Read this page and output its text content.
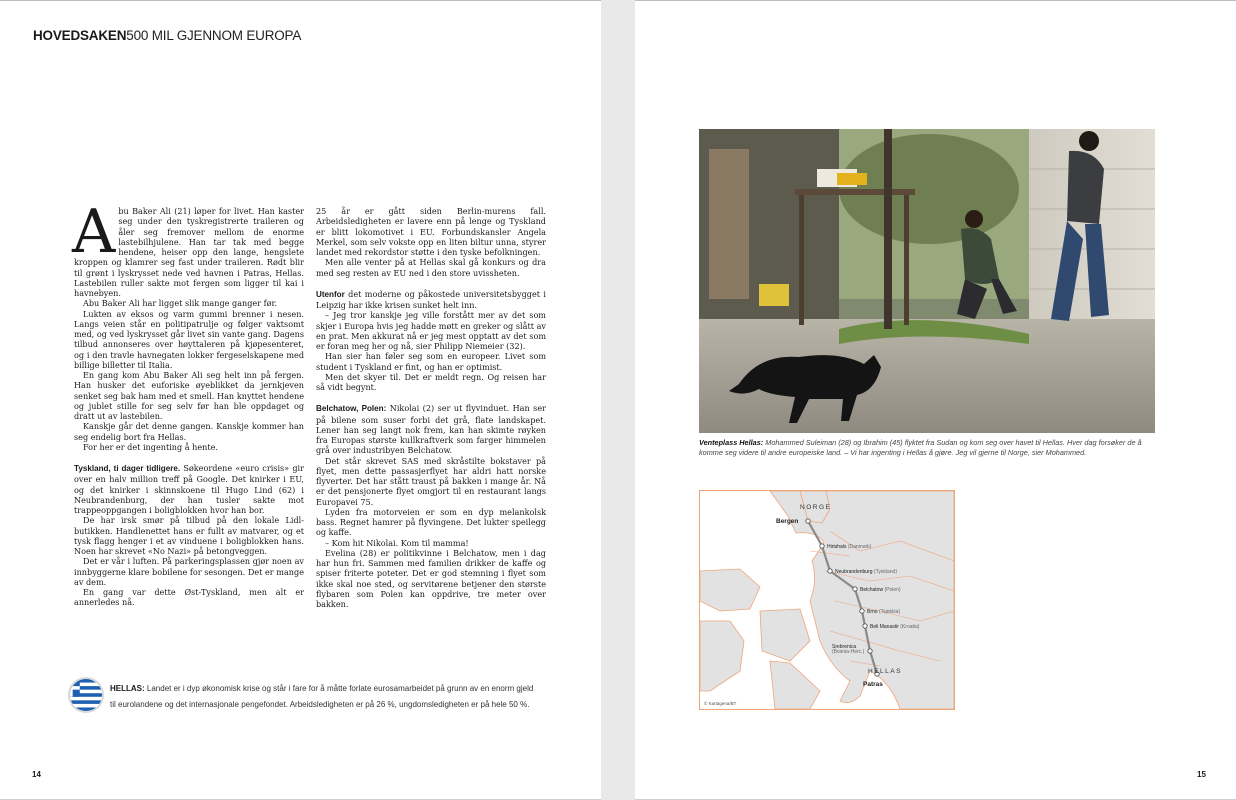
HOVEDSAKEN500 MIL GJENNOM EUROPA
A bu Baker Ali (21) løper for livet. Han kaster seg under den tyskregistrerte traileren og åler seg fremover mellom de enorme lastebilhjulene. Han tar tak med begge hendene, heiser opp den lange, hengslete kroppen og klamrer seg fast under traileren. Rødt blir til grønt i lyskrysset nede ved havnen i Patras, Hellas. Lastebilen ruller sakte mot fergen som ligger til kai i havnebyen.

Abu Baker Ali har ligget slik mange ganger før.

Lukten av eksos og varm gummi brenner i nesen. Langs veien står en politipatrulje og følger vaktsomt med, og ved lyskrysset går livet sin vante gang. Dagens tilbud annonseres over høyttaleren på kjøpesenteret, og i den travle havnegaten lokker fergeselskapene med billige billetter til Italia.

En gang kom Abu Baker Ali seg helt inn på fergen. Han husker det euforiske øyeblikket da jernkjeven senket seg bak ham med et smell. Han knyttet hendene og jublet stille for seg selv før han ble oppdaget og dratt ut av lastebilen.

Kanskje går det denne gangen. Kanskje kommer han seg endelig bort fra Hellas.

For her er det ingenting å hente.

Tyskland, ti dager tidligere. Søkeordene «euro crisis» gir over en halv million treff på Google. Det knirker i EU, og det knirker i skinnskoene til Hugo Lind (62) i Neubrandenburg, der han tusler sakte mot trappeoppgangen i boligblokken hvor han bor.

De har irsk smør på tilbud på den lokale Lidl-butikken. Handlenettet hans er fullt av matvarer, og et tysk flagg henger i et av vinduene i boligblokken hans. Noen har skrevet «No Nazi» på betongveggen.

Det er vår i luften. På parkeringsplassen gjør noen av innbyggerne klare bobilene for sesongen. Det er mange av dem.

En gang var dette Øst-Tyskland, men alt er annerledes nå.

25 år er gått siden Berlin-murens fall. Arbeidsledigheten er lavere enn på lenge og Tyskland er blitt lokomotivet i EU. Forbundskansler Angela Merkel, som selv vokste opp en liten biltur unna, styrer landet med rekordstor støtte i den tyske befolkningen.

Men alle venter på at Hellas skal gå konkurs og dra med seg resten av EU ned i den store uvissheten.

Utenfor det moderne og påkostede universitetsbygget i Leipzig har ikke krisen sunket helt inn.

– Jeg tror kanskje jeg ville forstått mer av det som skjer i Europa hvis jeg hadde møtt en greker og slått av en prat. Men akkurat nå er jeg mest opptatt av det som er foran meg her og nå, sier Philipp Niemeier (32).

Han sier han føler seg som en europeer. Livet som student i Tyskland er fint, og han er optimist.

Men det skyer til. Det er meldt regn. Og reisen har så vidt begynt.

Belchatow, Polen: Nikolai (2) ser ut flyvinduet. Han ser på bilene som suser forbi det grå, flate landskapet. Lener han seg langt nok frem, kan han skimte røyken fra Europas største kullkraftverk som farger himmelen grå over industribyen Belchatow.

Det står skrevet SAS med skråstilte bokstaver på flyet, men dette passasjerflyet har aldri hatt norske flyverter. Det har stått traust på bakken i mange år. Nå er det pensjonerte flyet omgjort til en restaurant langs Europavei 75.

Lyden fra motorveien er som en dyp melankolsk bass. Regnet hamrer på flyvingene. Det lukter speilegg og kaffe.

– Kom hit Nikolai. Kom til mamma!

Evelina (28) er politikvinne i Belchatow, men i dag har hun fri. Sammen med familien drikker de kaffe og spiser friterte poteter. Det er god stemning i flyet som ikke skal noe sted, og servitørene betjener den største flybaren som Polen kan oppdrive, tre meter over bakken.

HELLAS: Landet er i dyp økonomisk krise og står i fare for å måtte forlate eurosamarbeidet på grunn av en enorm gjeld
til eurolandene og det internasjonale pengefondet. Arbeidsledigheten er på 26 %, ungdomsledigheten er på hele 50 %.
14
Venteplass Hellas: Mohammed Suleiman (28) og Ibrahim (45) flyktet fra Sudan og kom seg over havet til Hellas. Hver dag forsøker de å komme seg videre til andre europeiske land. – Vi har ingenting i Hellas å gjøre. Jeg vil gjerne til Norge, sier Mohammed.
Bergen
Hirtshals (Danmark)
Neubrandenburg (Tyskland)
Belchatow (Polen)
Brno (Tsjekkia)
Beli Manastir (Kroatia)
Srebrenica (Bosnia-Herc.)
Patras
NORGE
HELLAS
© Kartagena/BT
15
